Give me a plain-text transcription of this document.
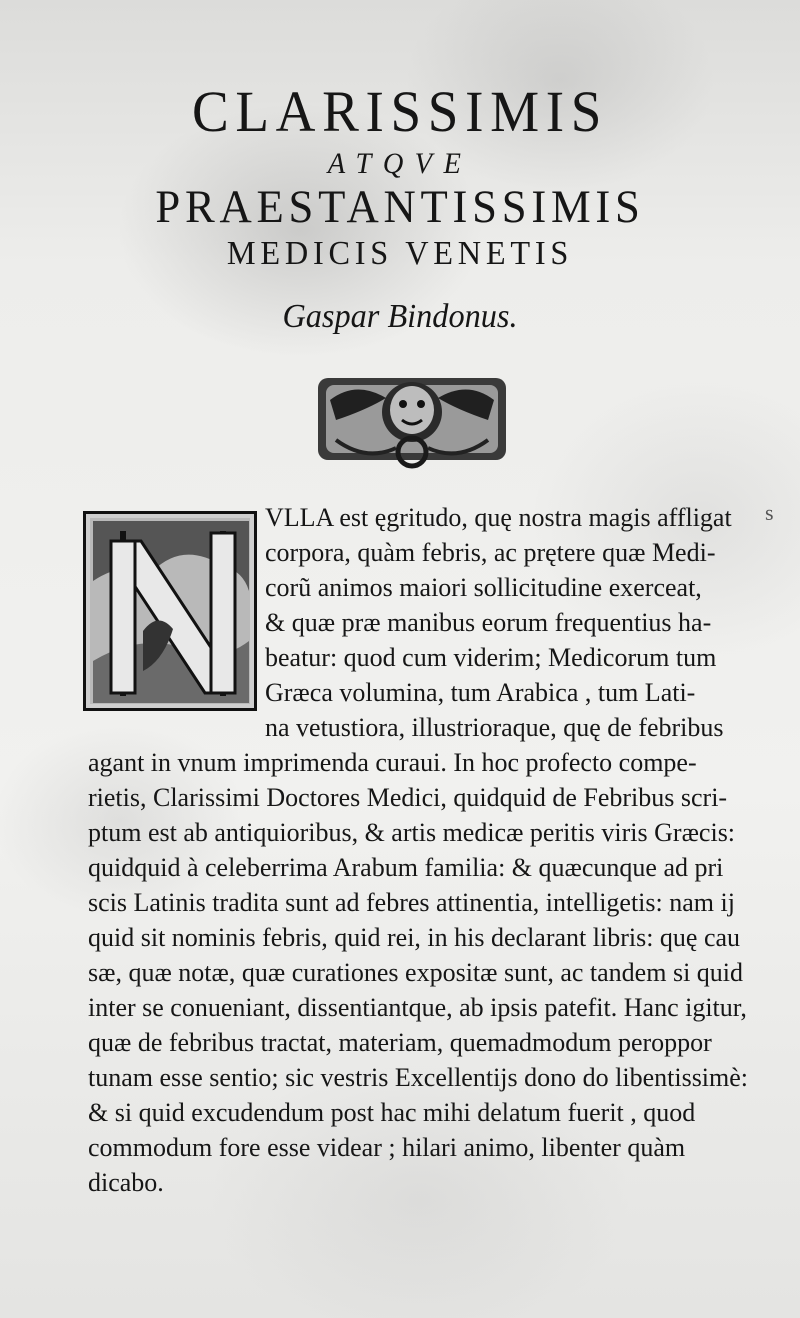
CLARISSIMIS
ATQVE
PRAESTANTISSIMIS
MEDICIS VENETIS
Gaspar Bindonus.
s
VLLA est ęgritudo, quę nostra magis affligat
corpora, quàm febris, ac prętere quæ Medi-
corũ animos maiori sollicitudine exerceat,
& quæ præ manibus eorum frequentius ha-
beatur: quod cum viderim; Medicorum tum
Græca volumina, tum Arabica , tum Lati-
na vetustiora, illustrioraque, quę de febribus
agant in vnum imprimenda curaui. In hoc profecto compe-
rietis, Clarissimi Doctores Medici, quidquid de Febribus scri-
ptum est ab antiquioribus, & artis medicæ peritis viris Græcis:
quidquid à celeberrima Arabum familia: & quæcunque ad pri
scis Latinis tradita sunt ad febres attinentia, intelligetis: nam ij
quid sit nominis febris, quid rei, in his declarant libris: quę cau
sæ, quæ notæ, quæ curationes expositæ sunt, ac tandem si quid
inter se conueniant, dissentiantque, ab ipsis patefit. Hanc igitur,
quæ de febribus tractat, materiam, quemadmodum peroppor
tunam esse sentio; sic vestris Excellentijs dono do libentissimè:
& si quid excudendum post hac mihi delatum fuerit , quod
commodum fore esse videar ; hilari animo, libenter quàm
dicabo.
